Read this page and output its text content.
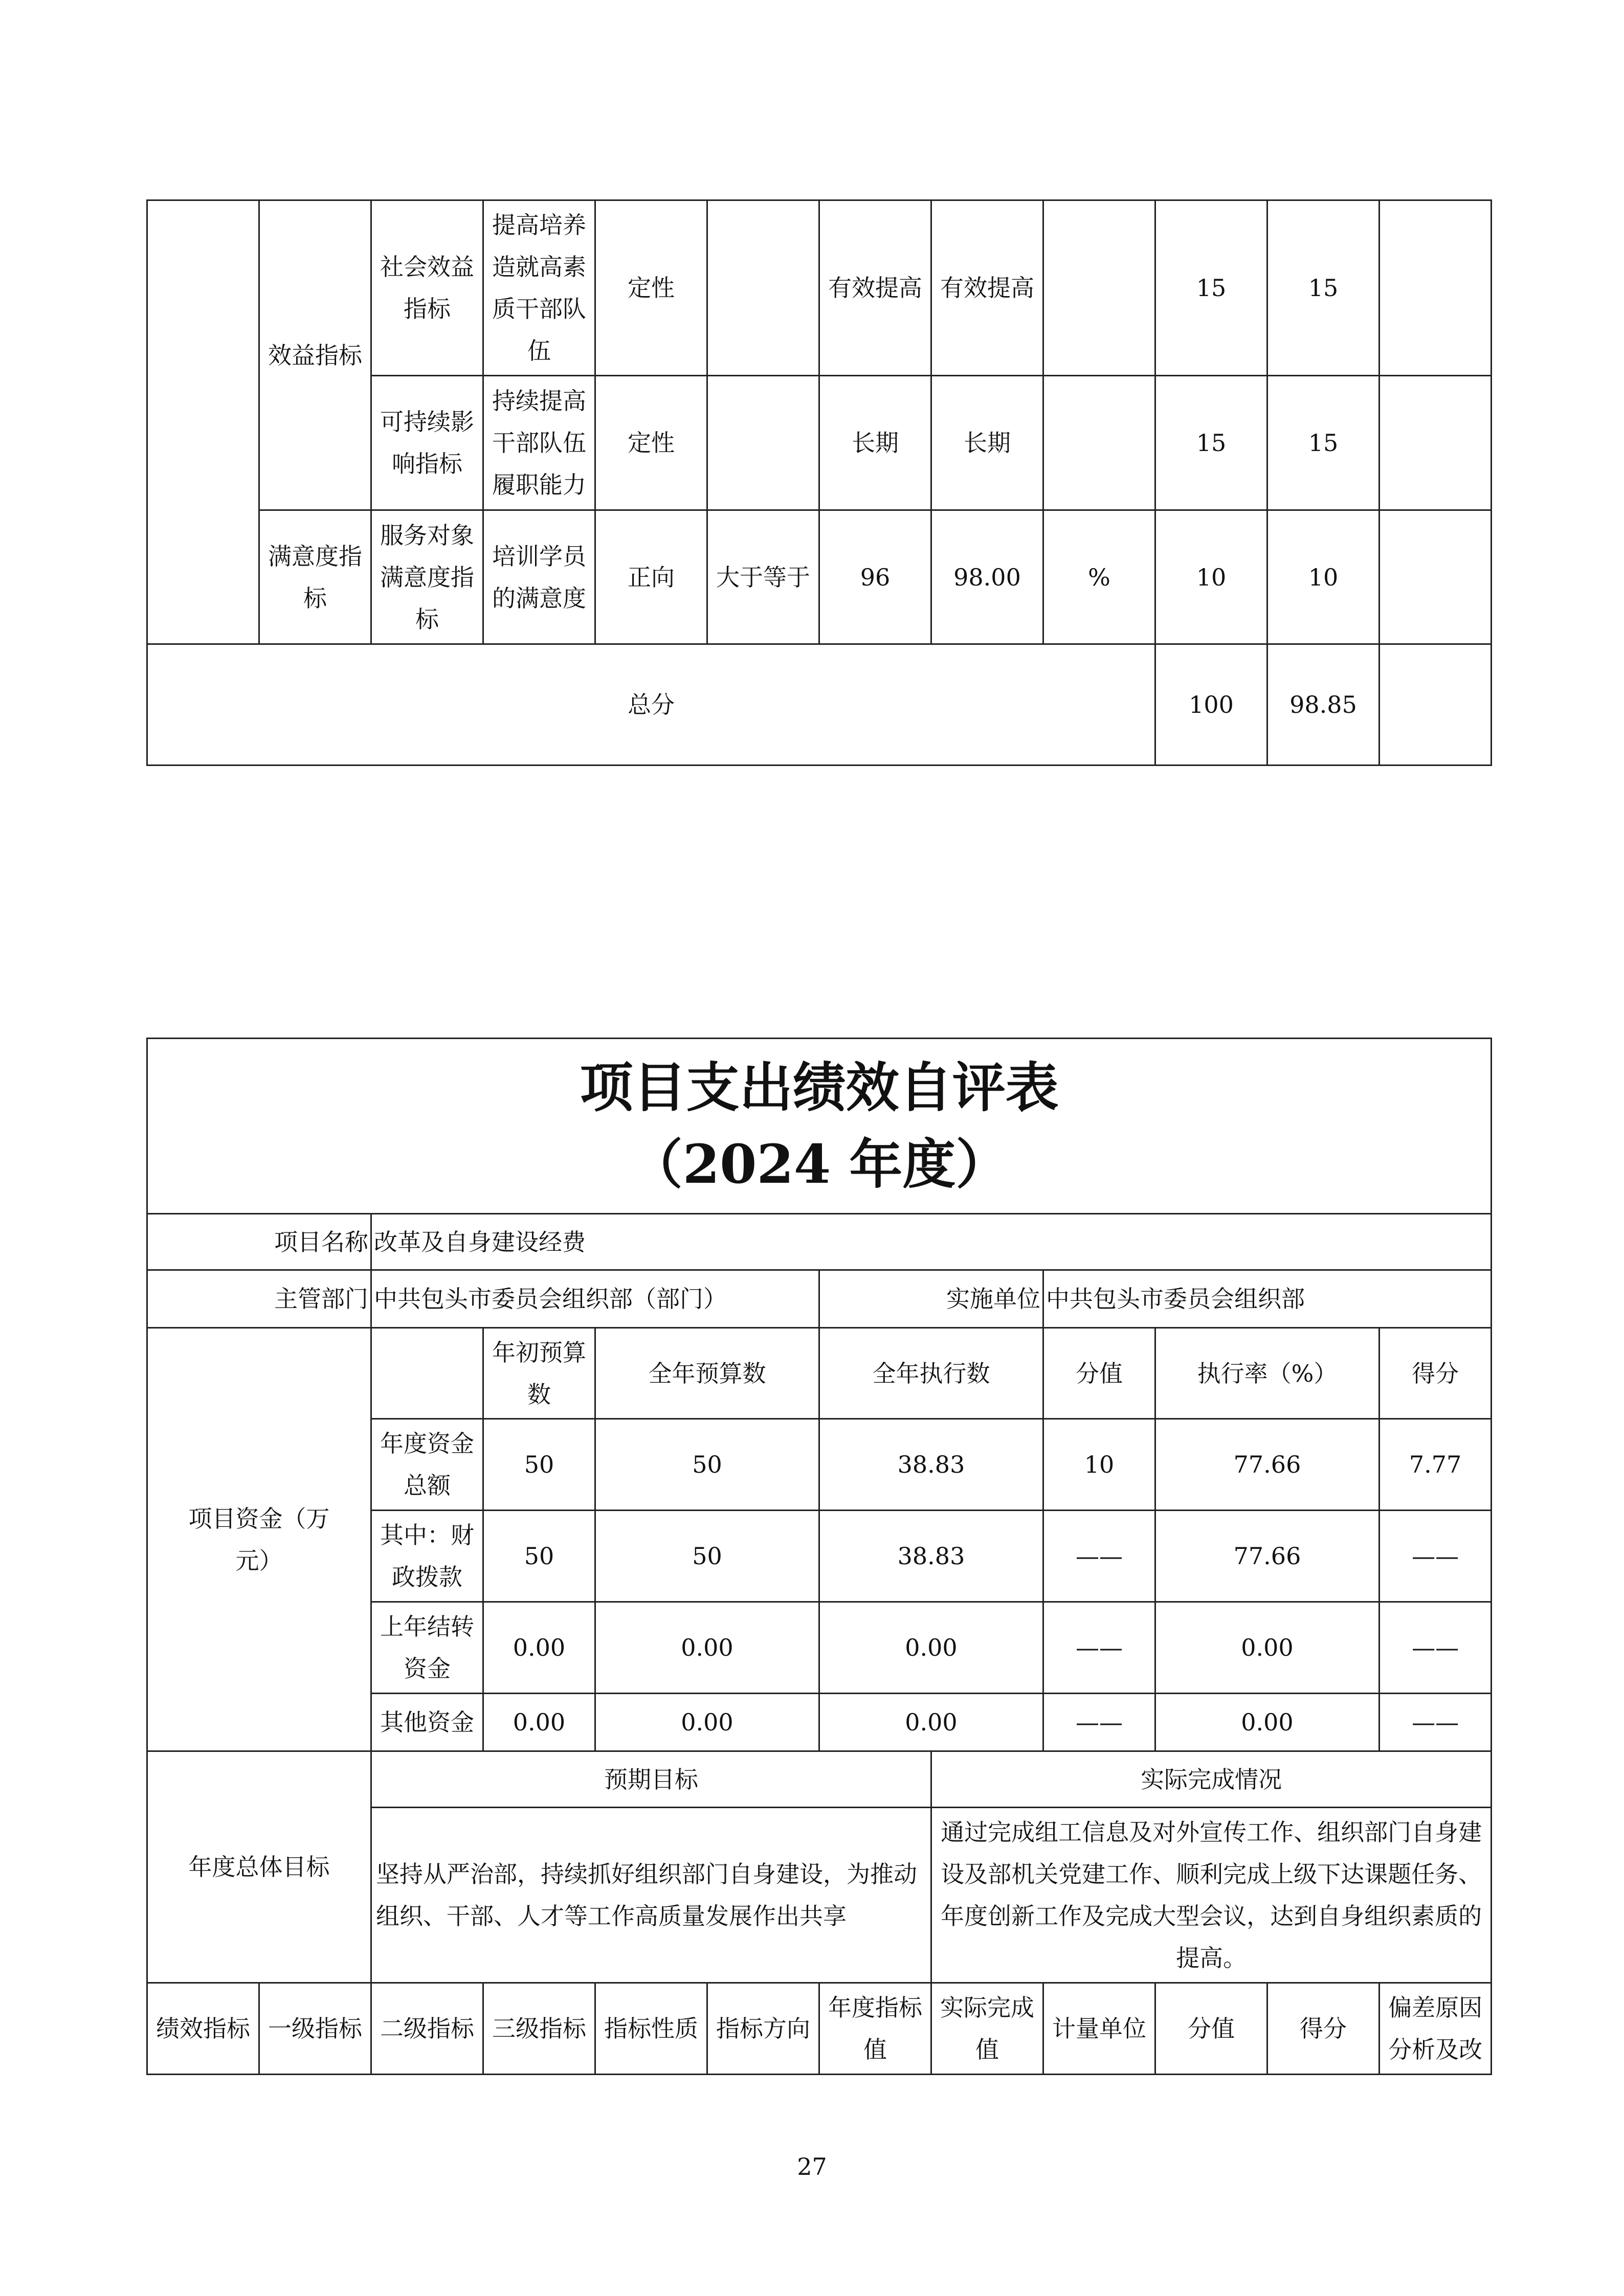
	效益指标	社会效益指标	提高培养造就高素质干部队伍	定性		有效提高	有效提高		15	15	
		可持续影响指标	持续提高干部队伍履职能力	定性		长期	长期		15	15	
	满意度指标	服务对象满意度指标	培训学员的满意度	正向	大于等于	96	98.00	%	10	10	
总分									100	98.85	
项目支出绩效自评表
（2024 年度）											

项目名称		改革及自身建设经费									
主管部门		中共包头市委员会组织部（部门）				实施单位		中共包头市委员会组织部			
项目资金（万元）			年初预算数	全年预算数		全年执行数		分值	执行率（%）		得分
		年度资金总额	50	50		38.83		10	77.66		7.77
		其中：财政拨款	50	50		38.83		——	77.66		——
		上年结转资金	0.00	0.00		0.00		——	0.00		——
		其他资金	0.00	0.00		0.00		——	0.00		——
年度总体目标		预期目标					实际完成情况				
		坚持从严治部，持续抓好组织部门自身建设，为推动组织、干部、人才等工作高质量发展作出共享					通过完成组工信息及对外宣传工作、组织部门自身建设及部机关党建工作、顺利完成上级下达课题任务、年度创新工作及完成大型会议，达到自身组织素质的提高。				
绩效指标	一级指标	二级指标	三级指标	指标性质	指标方向	年度指标值	实际完成值	计量单位	分值	得分	偏差原因分析及改
27
